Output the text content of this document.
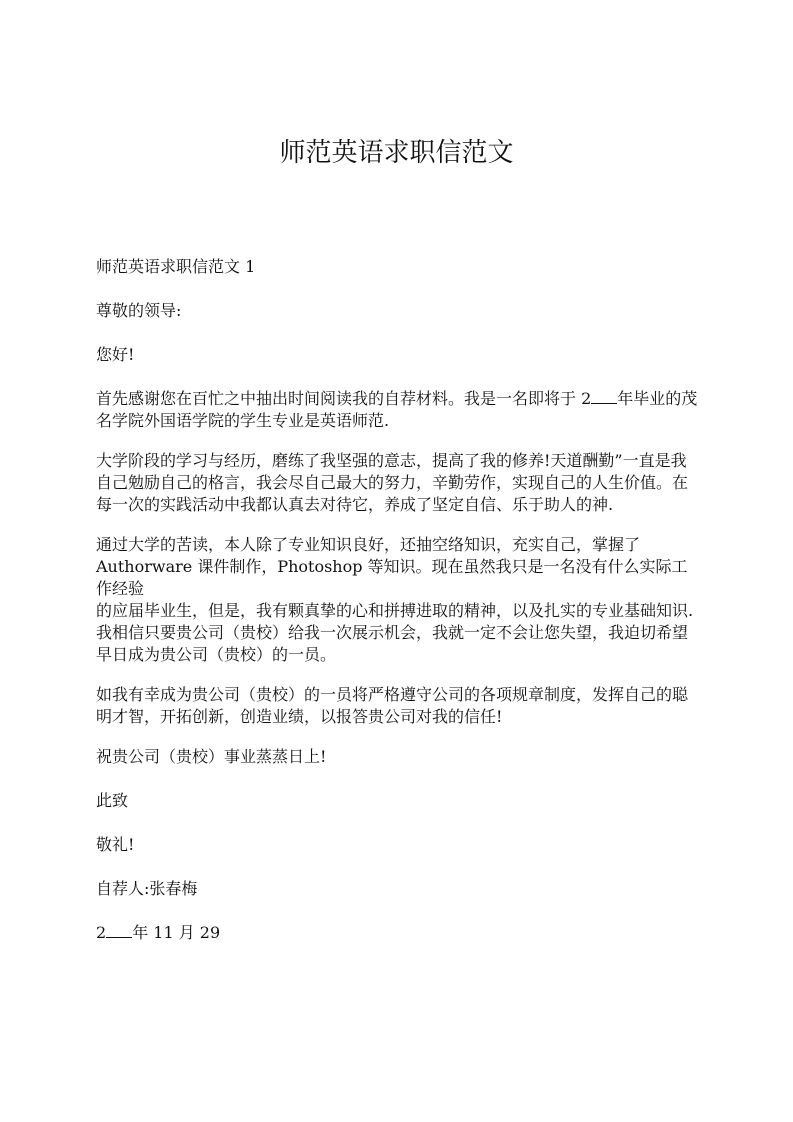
师范英语求职信范文

师范英语求职信范文 1

尊敬的领导:

您好!

首先感谢您在百忙之中抽出时间阅读我的自荐材料。我是一名即将于 2 年毕业的茂
名学院外国语学院的学生专业是英语师范.

大学阶段的学习与经历，磨练了我坚强的意志，提高了我的修养!天道酬勤”一直是我
自己勉励自己的格言，我会尽自己最大的努力，辛勤劳作，实现自己的人生价值。在
每一次的实践活动中我都认真去对待它，养成了坚定自信、乐于助人的神.

通过大学的苦读，本人除了专业知识良好，还抽空络知识，充实自己，掌握了
Authorware 课件制作，Photoshop 等知识。现在虽然我只是一名没有什么实际工作经验
的应届毕业生，但是，我有颗真挚的心和拼搏进取的精神，以及扎实的专业基础知识.
我相信只要贵公司（贵校）给我一次展示机会，我就一定不会让您失望，我迫切希望
早日成为贵公司（贵校）的一员。

如我有幸成为贵公司（贵校）的一员将严格遵守公司的各项规章制度，发挥自己的聪
明才智，开拓创新，创造业绩，以报答贵公司对我的信任!

祝贵公司（贵校）事业蒸蒸日上!

此致

敬礼!

自荐人:张春梅

2 年 11 月 29
